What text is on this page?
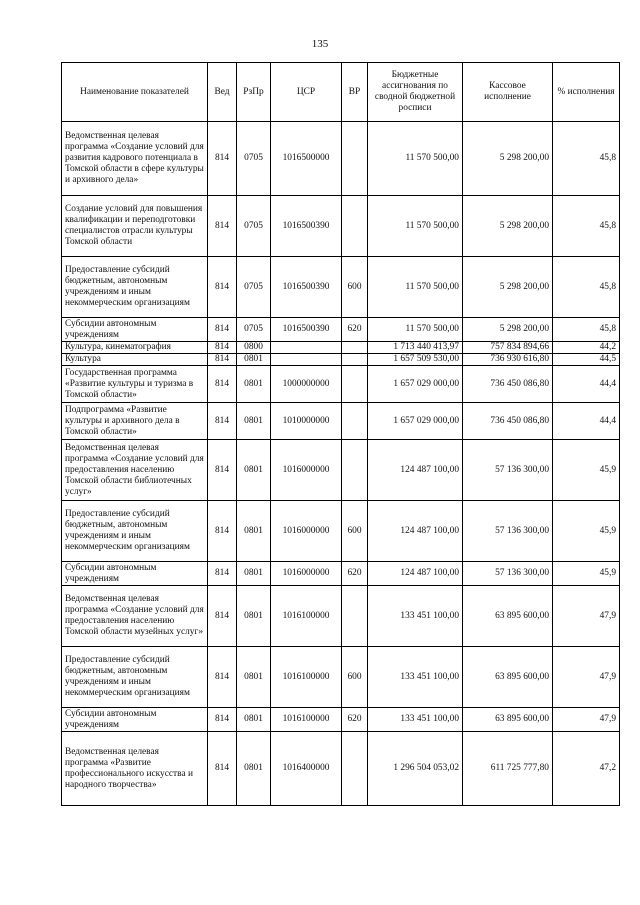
135
Наименование показателей	Вед	РзПр	ЦСР	ВР	Бюджетные ассигнования по сводной бюджетной росписи	Кассовое исполнение	% исполнения
Ведомственная целевая программа «Создание условий для развития кадрового потенциала в Томской области в сфере культуры и архивного дела»	814	0705	1016500000		11 570 500,00	5 298 200,00	45,8
Создание условий для повышения квалификации и переподготовки специалистов отрасли культуры Томской области	814	0705	1016500390		11 570 500,00	5 298 200,00	45,8
Предоставление субсидий бюджетным, автономным учреждениям и иным некоммерческим организациям	814	0705	1016500390	600	11 570 500,00	5 298 200,00	45,8
Субсидии автономным учреждениям	814	0705	1016500390	620	11 570 500,00	5 298 200,00	45,8
Культура, кинематография	814	0800			1 713 440 413,97	757 834 894,66	44,2
Культура	814	0801			1 657 509 530,00	736 930 616,80	44,5
Государственная программа «Развитие культуры и туризма в Томской области»	814	0801	1000000000		1 657 029 000,00	736 450 086,80	44,4
Подпрограмма «Развитие культуры и архивного дела в Томской области»	814	0801	1010000000		1 657 029 000,00	736 450 086,80	44,4
Ведомственная целевая программа «Создание условий для предоставления населению Томской области библиотечных услуг»	814	0801	1016000000		124 487 100,00	57 136 300,00	45,9
Предоставление субсидий бюджетным, автономным учреждениям и иным некоммерческим организациям	814	0801	1016000000	600	124 487 100,00	57 136 300,00	45,9
Субсидии автономным учреждениям	814	0801	1016000000	620	124 487 100,00	57 136 300,00	45,9
Ведомственная целевая программа «Создание условий для предоставления населению Томской области музейных услуг»	814	0801	1016100000		133 451 100,00	63 895 600,00	47,9
Предоставление субсидий бюджетным, автономным учреждениям и иным некоммерческим организациям	814	0801	1016100000	600	133 451 100,00	63 895 600,00	47,9
Субсидии автономным учреждениям	814	0801	1016100000	620	133 451 100,00	63 895 600,00	47,9
Ведомственная целевая программа «Развитие профессионального искусства и народного творчества»	814	0801	1016400000		1 296 504 053,02	611 725 777,80	47,2
